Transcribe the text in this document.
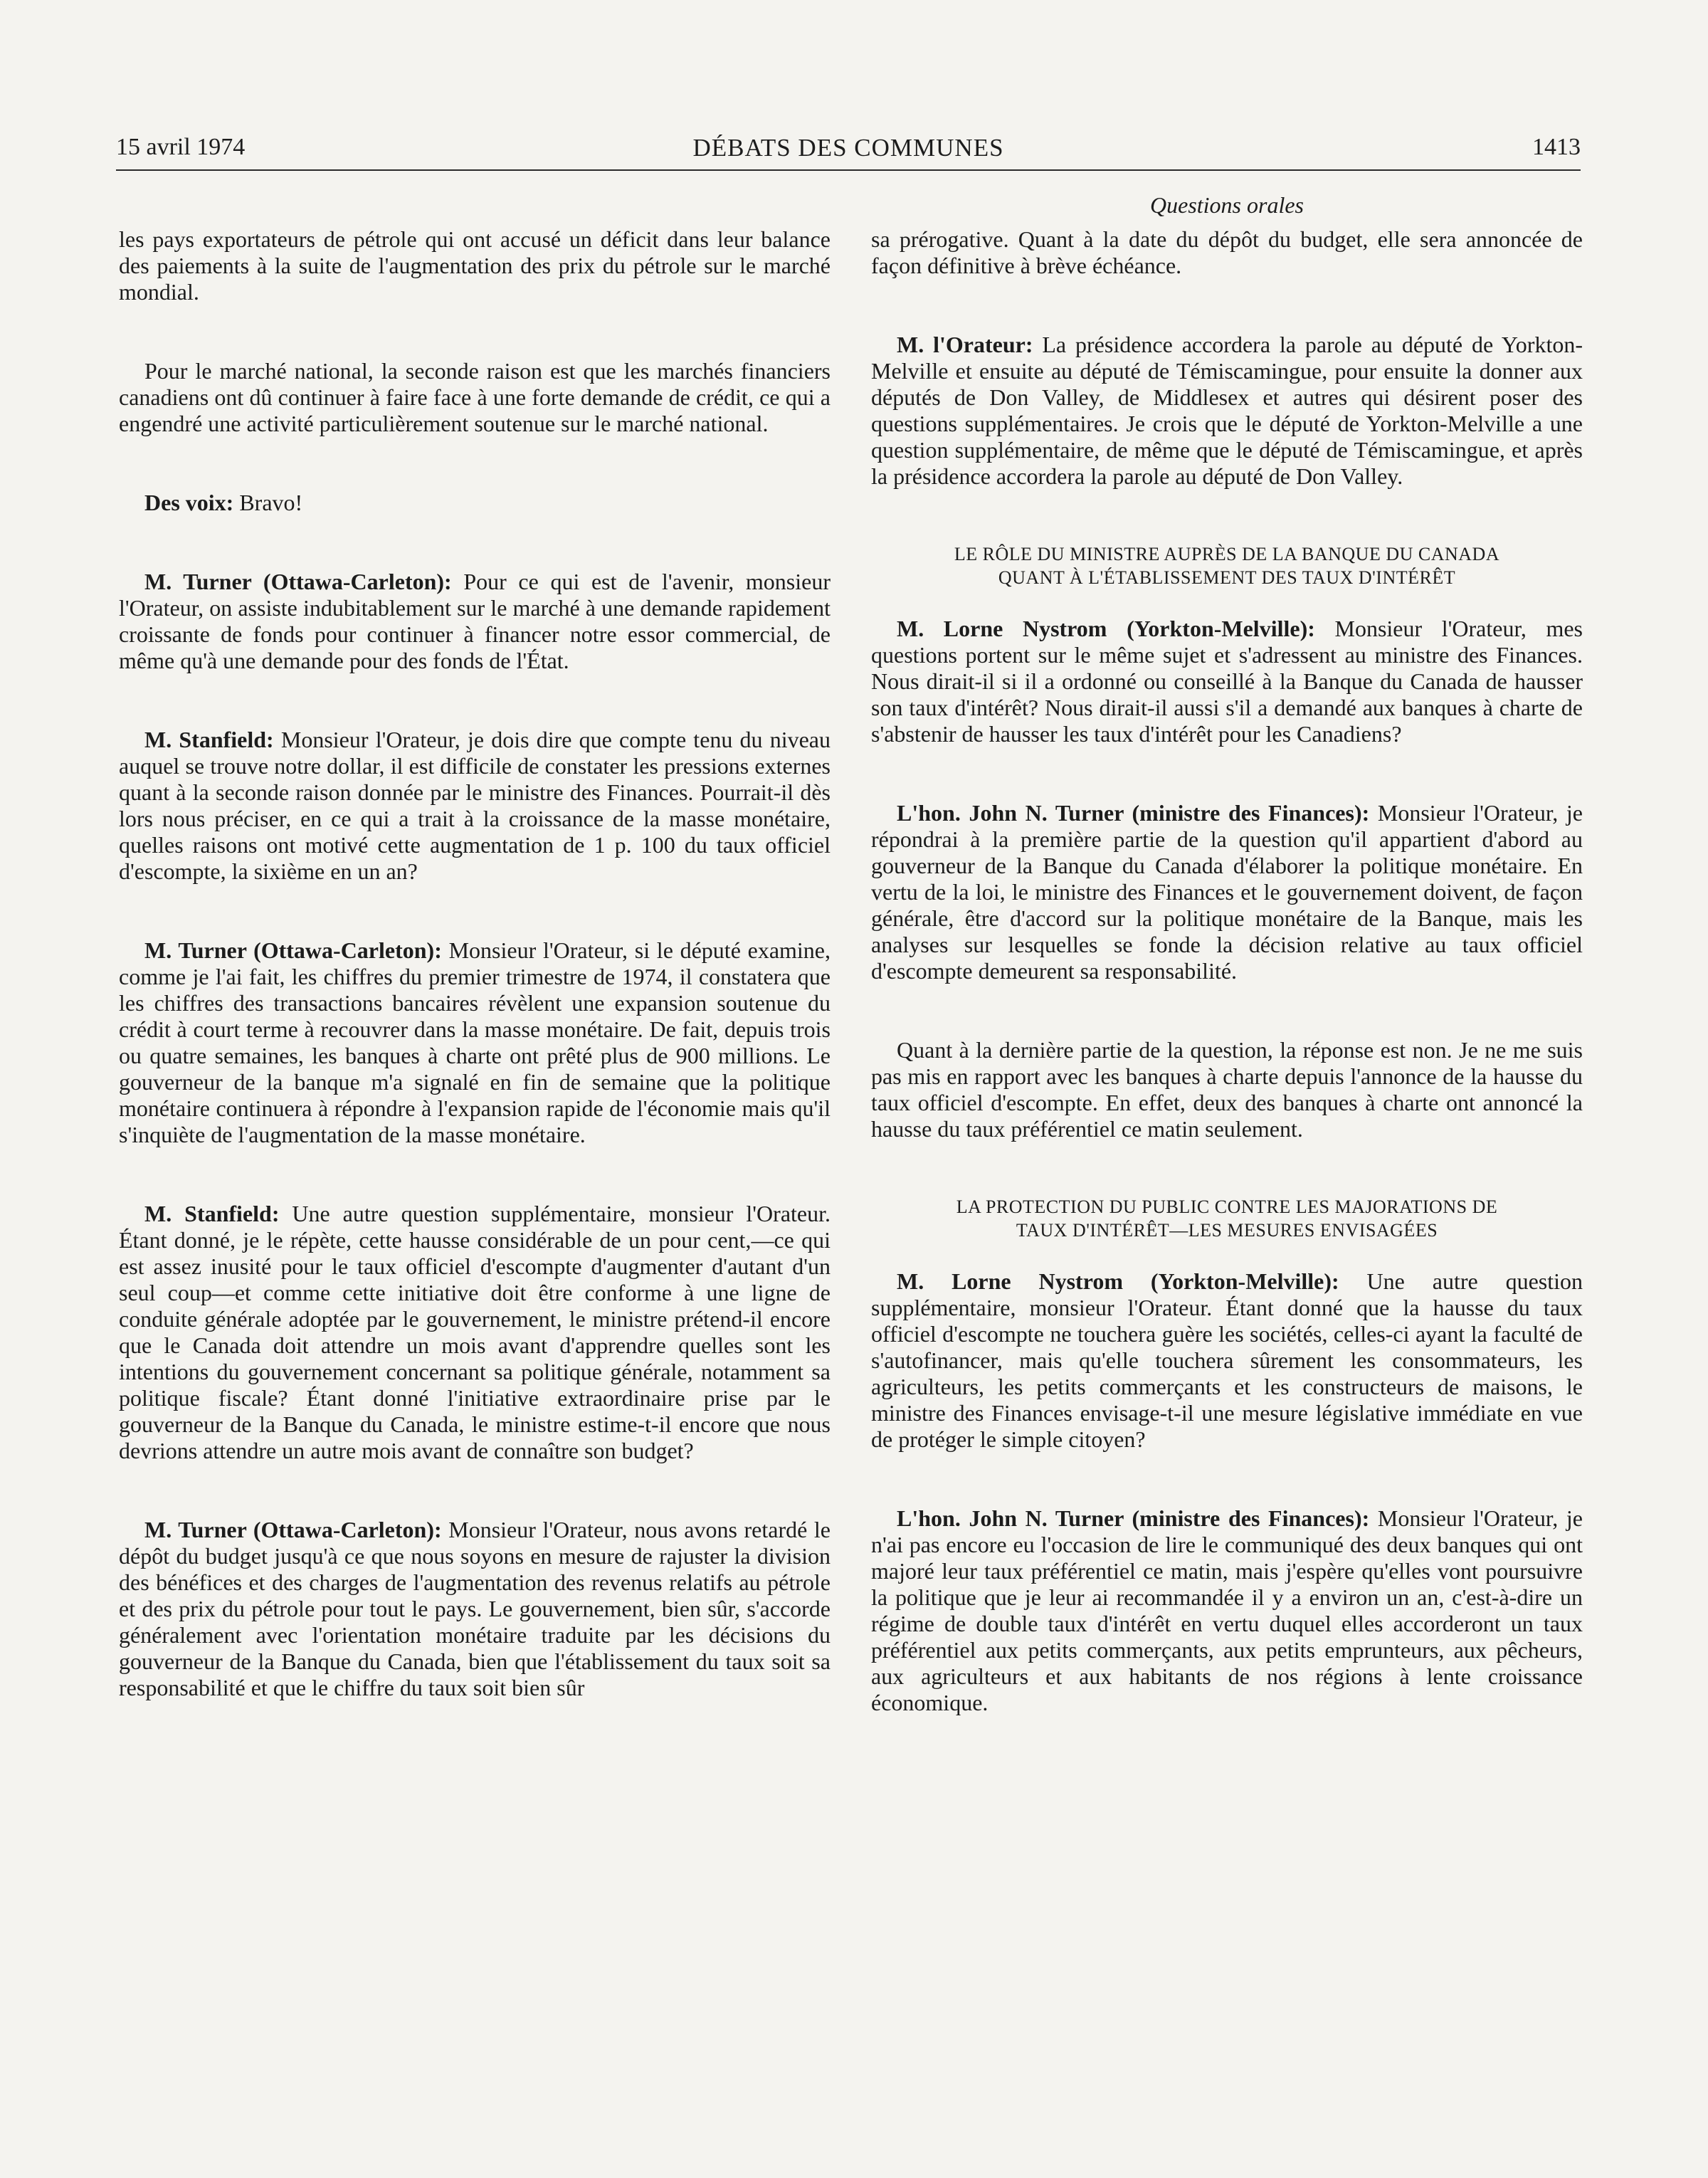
15 avril 1974	DÉBATS DES COMMUNES	1413
Questions orales

les pays exportateurs de pétrole qui ont accusé un déficit dans leur balance des paiements à la suite de l'augmentation des prix du pétrole sur le marché mondial.

Pour le marché national, la seconde raison est que les marchés financiers canadiens ont dû continuer à faire face à une forte demande de crédit, ce qui a engendré une activité particulièrement soutenue sur le marché national.

Des voix: Bravo!

M. Turner (Ottawa-Carleton): Pour ce qui est de l'avenir, monsieur l'Orateur, on assiste indubitablement sur le marché à une demande rapidement croissante de fonds pour continuer à financer notre essor commercial, de même qu'à une demande pour des fonds de l'État.

M. Stanfield: Monsieur l'Orateur, je dois dire que compte tenu du niveau auquel se trouve notre dollar, il est difficile de constater les pressions externes quant à la seconde raison donnée par le ministre des Finances. Pourrait-il dès lors nous préciser, en ce qui a trait à la croissance de la masse monétaire, quelles raisons ont motivé cette augmentation de 1 p. 100 du taux officiel d'escompte, la sixième en un an?

M. Turner (Ottawa-Carleton): Monsieur l'Orateur, si le député examine, comme je l'ai fait, les chiffres du premier trimestre de 1974, il constatera que les chiffres des transactions bancaires révèlent une expansion soutenue du crédit à court terme à recouvrer dans la masse monétaire. De fait, depuis trois ou quatre semaines, les banques à charte ont prêté plus de 900 millions. Le gouverneur de la banque m'a signalé en fin de semaine que la politique monétaire continuera à répondre à l'expansion rapide de l'économie mais qu'il s'inquiète de l'augmentation de la masse monétaire.

M. Stanfield: Une autre question supplémentaire, monsieur l'Orateur. Étant donné, je le répète, cette hausse considérable de un pour cent,—ce qui est assez inusité pour le taux officiel d'escompte d'augmenter d'autant d'un seul coup—et comme cette initiative doit être conforme à une ligne de conduite générale adoptée par le gouvernement, le ministre prétend-il encore que le Canada doit attendre un mois avant d'apprendre quelles sont les intentions du gouvernement concernant sa politique générale, notamment sa politique fiscale? Étant donné l'initiative extraordinaire prise par le gouverneur de la Banque du Canada, le ministre estime-t-il encore que nous devrions attendre un autre mois avant de connaître son budget?

M. Turner (Ottawa-Carleton): Monsieur l'Orateur, nous avons retardé le dépôt du budget jusqu'à ce que nous soyons en mesure de rajuster la division des bénéfices et des charges de l'augmentation des revenus relatifs au pétrole et des prix du pétrole pour tout le pays. Le gouvernement, bien sûr, s'accorde généralement avec l'orientation monétaire traduite par les décisions du gouverneur de la Banque du Canada, bien que l'établissement du taux soit sa responsabilité et que le chiffre du taux soit bien sûr

sa prérogative. Quant à la date du dépôt du budget, elle sera annoncée de façon définitive à brève échéance.

M. l'Orateur: La présidence accordera la parole au député de Yorkton-Melville et ensuite au député de Témiscamingue, pour ensuite la donner aux députés de Don Valley, de Middlesex et autres qui désirent poser des questions supplémentaires. Je crois que le député de Yorkton-Melville a une question supplémentaire, de même que le député de Témiscamingue, et après la présidence accordera la parole au député de Don Valley.

LE RÔLE DU MINISTRE AUPRÈS DE LA BANQUE DU CANADA
QUANT À L'ÉTABLISSEMENT DES TAUX D'INTÉRÊT

M. Lorne Nystrom (Yorkton-Melville): Monsieur l'Orateur, mes questions portent sur le même sujet et s'adressent au ministre des Finances. Nous dirait-il si il a ordonné ou conseillé à la Banque du Canada de hausser son taux d'intérêt? Nous dirait-il aussi s'il a demandé aux banques à charte de s'abstenir de hausser les taux d'intérêt pour les Canadiens?

L'hon. John N. Turner (ministre des Finances): Monsieur l'Orateur, je répondrai à la première partie de la question qu'il appartient d'abord au gouverneur de la Banque du Canada d'élaborer la politique monétaire. En vertu de la loi, le ministre des Finances et le gouvernement doivent, de façon générale, être d'accord sur la politique monétaire de la Banque, mais les analyses sur lesquelles se fonde la décision relative au taux officiel d'escompte demeurent sa responsabilité.

Quant à la dernière partie de la question, la réponse est non. Je ne me suis pas mis en rapport avec les banques à charte depuis l'annonce de la hausse du taux officiel d'escompte. En effet, deux des banques à charte ont annoncé la hausse du taux préférentiel ce matin seulement.

LA PROTECTION DU PUBLIC CONTRE LES MAJORATIONS DE
TAUX D'INTÉRÊT—LES MESURES ENVISAGÉES

M. Lorne Nystrom (Yorkton-Melville): Une autre question supplémentaire, monsieur l'Orateur. Étant donné que la hausse du taux officiel d'escompte ne touchera guère les sociétés, celles-ci ayant la faculté de s'autofinancer, mais qu'elle touchera sûrement les consommateurs, les agriculteurs, les petits commerçants et les constructeurs de maisons, le ministre des Finances envisage-t-il une mesure législative immédiate en vue de protéger le simple citoyen?

L'hon. John N. Turner (ministre des Finances): Monsieur l'Orateur, je n'ai pas encore eu l'occasion de lire le communiqué des deux banques qui ont majoré leur taux préférentiel ce matin, mais j'espère qu'elles vont poursuivre la politique que je leur ai recommandée il y a environ un an, c'est-à-dire un régime de double taux d'intérêt en vertu duquel elles accorderont un taux préférentiel aux petits commerçants, aux petits emprunteurs, aux pêcheurs, aux agriculteurs et aux habitants de nos régions à lente croissance économique.
